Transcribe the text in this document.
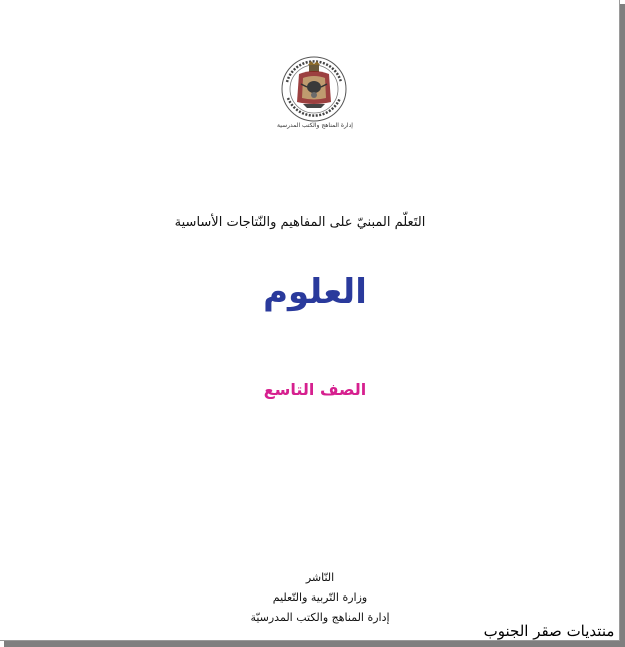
إدارة المناهج والكتب المدرسية
التَعلّم المبنيّ على المفاهيم والنّتاجات الأساسية
العلوم
الصف التاسع
النّاشر
وزارة التّربية والتّعليم
إدارة المناهج والكتب المدرسيّة
منتديات صقر الجنوب
